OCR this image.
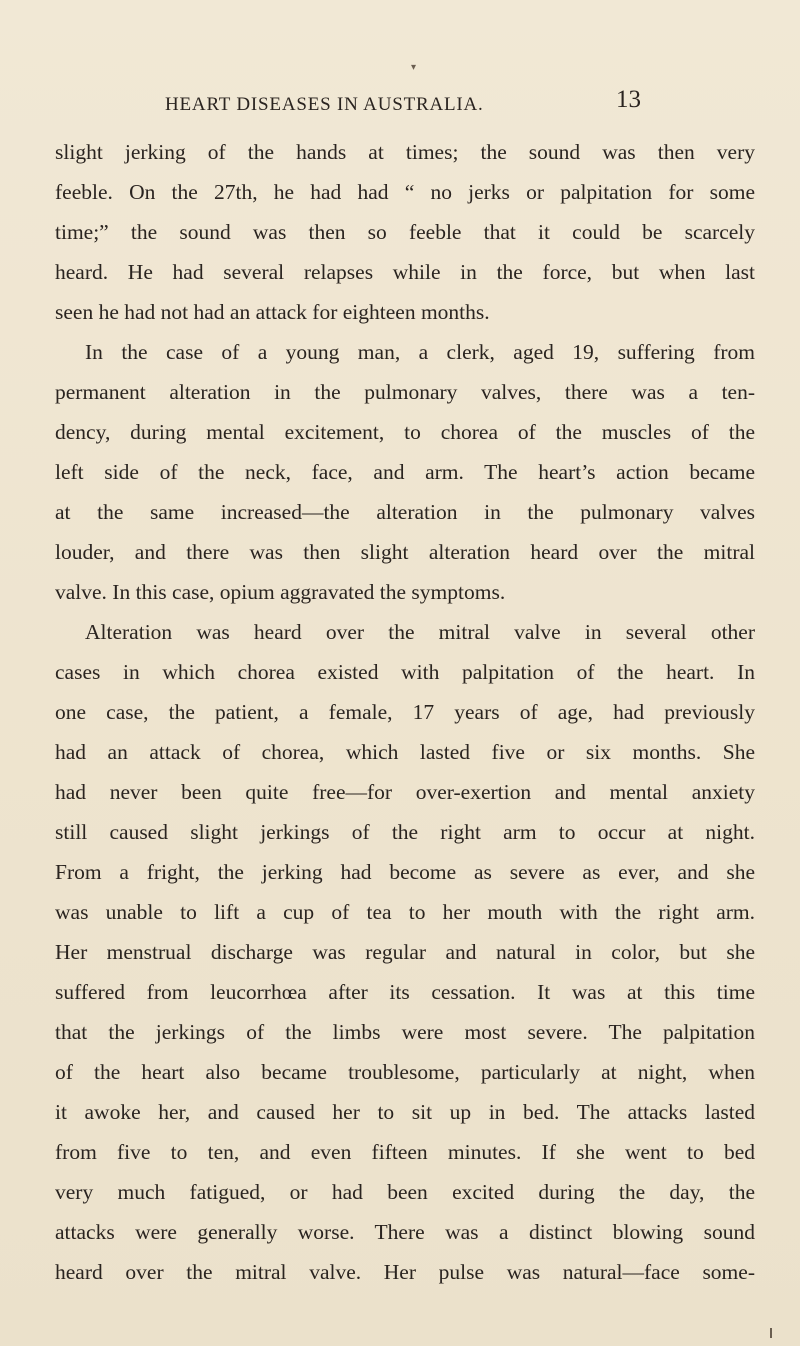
▾
HEART DISEASES IN AUSTRALIA.	13
slight jerking of the hands at times; the sound was then very
feeble. On the 27th, he had had “ no jerks or palpitation for some
time;” the sound was then so feeble that it could be scarcely
heard. He had several relapses while in the force, but when last
seen he had not had an attack for eighteen months.
In the case of a young man, a clerk, aged 19, suffering from
permanent alteration in the pulmonary valves, there was a ten-
dency, during mental excitement, to chorea of the muscles of the
left side of the neck, face, and arm. The heart’s action became
at the same increased—the alteration in the pulmonary valves
louder, and there was then slight alteration heard over the mitral
valve. In this case, opium aggravated the symptoms.
Alteration was heard over the mitral valve in several other
cases in which chorea existed with palpitation of the heart. In
one case, the patient, a female, 17 years of age, had previously
had an attack of chorea, which lasted five or six months. She
had never been quite free—for over-exertion and mental anxiety
still caused slight jerkings of the right arm to occur at night.
From a fright, the jerking had become as severe as ever, and she
was unable to lift a cup of tea to her mouth with the right arm.
Her menstrual discharge was regular and natural in color, but she
suffered from leucorrhœa after its cessation. It was at this time
that the jerkings of the limbs were most severe. The palpitation
of the heart also became troublesome, particularly at night, when
it awoke her, and caused her to sit up in bed. The attacks lasted
from five to ten, and even fifteen minutes. If she went to bed
very much fatigued, or had been excited during the day, the
attacks were generally worse. There was a distinct blowing sound
heard over the mitral valve. Her pulse was natural—face some-
